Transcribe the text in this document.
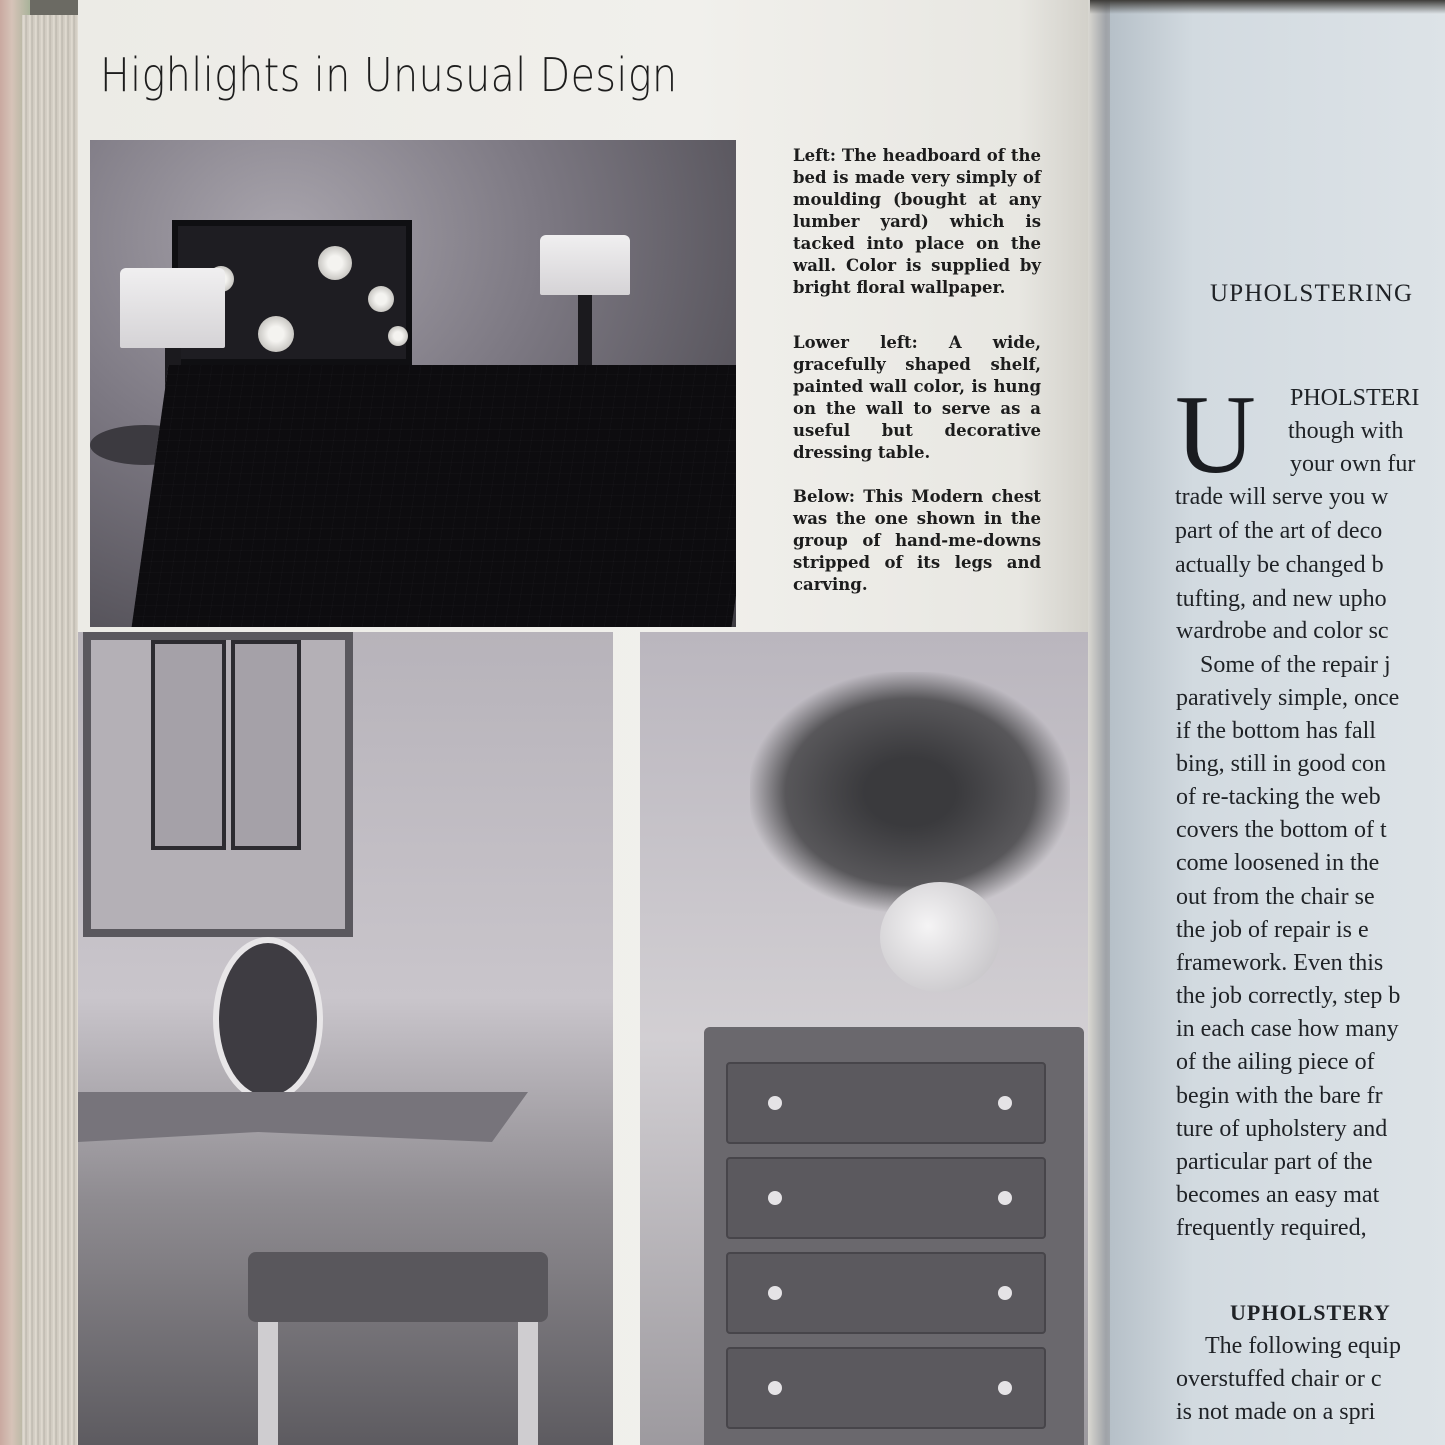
Highlights in Unusual Design

Left: The headboard of the bed is made very simply of moulding (bought at any lumber yard) which is tacked into place on the wall. Color is supplied by bright floral wallpaper.

Lower left: A wide, gracefully shaped shelf, painted wall color, is hung on the wall to serve as a useful but decorative dressing table.

Below: This Modern chest was the one shown in the group of hand-me-downs stripped of its legs and carving.

UPHOLSTERING
U PHOLSTERI
though with
your own fur
trade will serve you w
part of the art of deco
actually be changed b
tufting, and new upho
wardrobe and color sc
Some of the repair j
paratively simple, once
if the bottom has fall
bing, still in good con
of re-tacking the web
covers the bottom of t
come loosened in the
out from the chair se
the job of repair is e
framework. Even this
the job correctly, step b
in each case how many
of the ailing piece of
begin with the bare fr
ture of upholstery and
particular part of the
becomes an easy mat
frequently required,
UPHOLSTERY
The following equip
overstuffed chair or c
is not made on a spri
